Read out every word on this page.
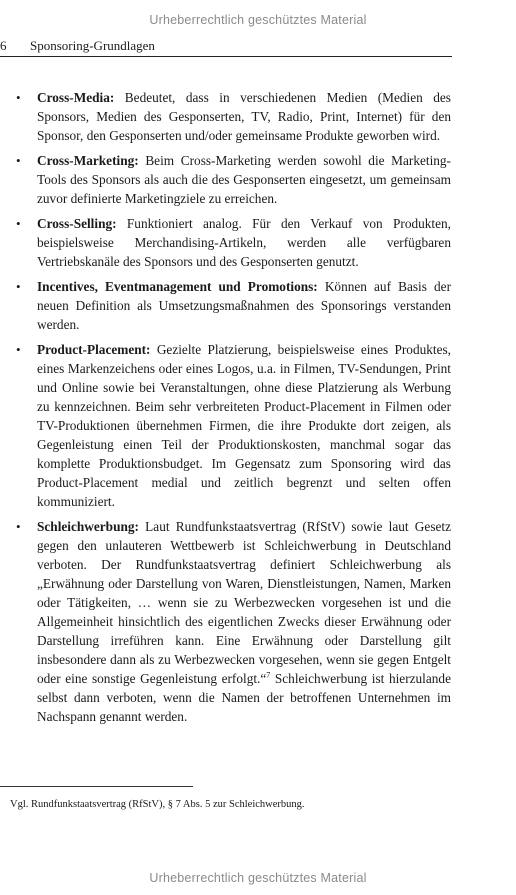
Urheberrechtlich geschütztes Material
6 Sponsoring-Grundlagen
• Cross-Media: Bedeutet, dass in verschiedenen Medien (Medien des Sponsors, Medien des Gesponserten, TV, Radio, Print, Internet) für den Sponsor, den Gesponserten und/oder gemeinsame Produkte geworben wird.
• Cross-Marketing: Beim Cross-Marketing werden sowohl die Marketing-Tools des Sponsors als auch die des Gesponserten eingesetzt, um gemeinsam zuvor definierte Marketingziele zu erreichen.
• Cross-Selling: Funktioniert analog. Für den Verkauf von Produkten, beispielsweise Merchandising-Artikeln, werden alle verfügbaren Vertriebskanäle des Sponsors und des Gesponserten genutzt.
• Incentives, Eventmanagement und Promotions: Können auf Basis der neuen Definition als Umsetzungsmaßnahmen des Sponsorings verstanden werden.
• Product-Placement: Gezielte Platzierung, beispielsweise eines Produktes, eines Markenzeichens oder eines Logos, u.a. in Filmen, TV-Sendungen, Print und Online sowie bei Veranstaltungen, ohne diese Platzierung als Werbung zu kennzeichnen. Beim sehr verbreiteten Product-Placement in Filmen oder TV-Produktionen übernehmen Firmen, die ihre Produkte dort zeigen, als Gegenleistung einen Teil der Produktionskosten, manchmal sogar das komplette Produktionsbudget. Im Gegensatz zum Sponsoring wird das Product-Placement medial und zeitlich begrenzt und selten offen kommuniziert.
• Schleichwerbung: Laut Rundfunkstaatsvertrag (RfStV) sowie laut Gesetz gegen den unlauteren Wettbewerb ist Schleichwerbung in Deutschland verboten. Der Rundfunkstaatsvertrag definiert Schleichwerbung als „Erwähnung oder Darstellung von Waren, Dienstleistungen, Namen, Marken oder Tätigkeiten, … wenn sie zu Werbezwecken vorgesehen ist und die Allgemeinheit hinsichtlich des eigentlichen Zwecks dieser Erwähnung oder Darstellung irreführen kann. Eine Erwähnung oder Darstellung gilt insbesondere dann als zu Werbezwecken vorgesehen, wenn sie gegen Entgelt oder eine sonstige Gegenleistung erfolgt.“$^7$ Schleichwerbung ist hierzulande selbst dann verboten, wenn die Namen der betroffenen Unternehmen im Nachspann genannt werden.
Vgl. Rundfunkstaatsvertrag (RfStV), § 7 Abs. 5 zur Schleichwerbung.
Urheberrechtlich geschütztes Material
